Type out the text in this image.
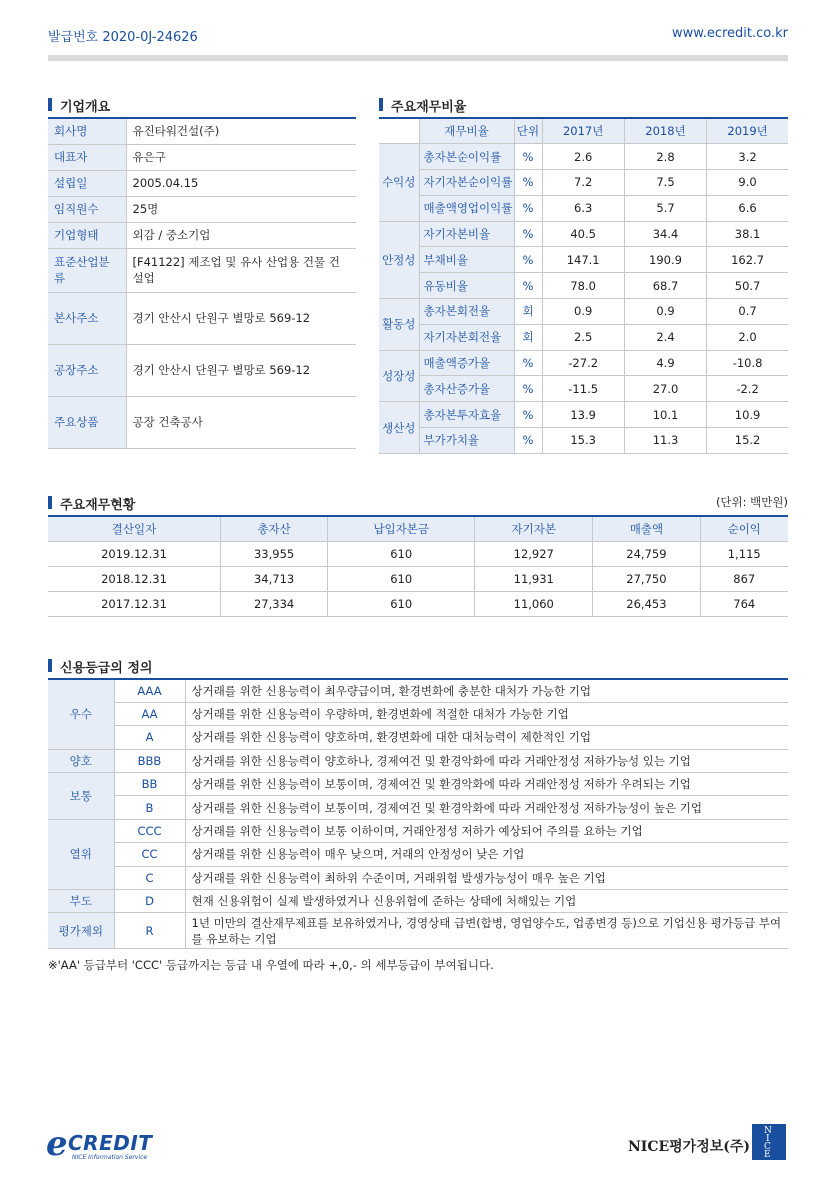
발급번호 2020-0J-24626	www.ecredit.co.kr
기업개요
회사명	유진타워건설(주)
대표자	유은구
설립일	2005.04.15
임직원수	25명
기업형태	외감 / 중소기업
표준산업분류	[F41122] 제조업 및 유사 산업용 건물 건설업
본사주소	경기 안산시 단원구 별망로 569-12
공장주소	경기 안산시 단원구 별망로 569-12
주요상품	공장 건축공사
주요재무비율
	재무비율	단위	2017년	2018년	2019년
수익성	총자본순이익률	%	2.6	2.8	3.2
	자기자본순이익률	%	7.2	7.5	9.0
	매출액영업이익률	%	6.3	5.7	6.6
안정성	자기자본비율	%	40.5	34.4	38.1
	부채비율	%	147.1	190.9	162.7
	유동비율	%	78.0	68.7	50.7
활동성	총자본회전율	회	0.9	0.9	0.7
	자기자본회전율	회	2.5	2.4	2.0
성장성	매출액증가율	%	-27.2	4.9	-10.8
	총자산증가율	%	-11.5	27.0	-2.2
생산성	총자본투자효율	%	13.9	10.1	10.9
	부가가치율	%	15.3	11.3	15.2
주요재무현황	(단위: 백만원)
결산일자	총자산	납입자본금	자기자본	매출액	순이익
2019.12.31	33,955	610	12,927	24,759	1,115
2018.12.31	34,713	610	11,931	27,750	867
2017.12.31	27,334	610	11,060	26,453	764
신용등급의 정의
우수	AAA	상거래를 위한 신용능력이 최우량급이며, 환경변화에 충분한 대처가 가능한 기업
	AA	상거래를 위한 신용능력이 우량하며, 환경변화에 적절한 대처가 가능한 기업
	A	상거래를 위한 신용능력이 양호하며, 환경변화에 대한 대처능력이 제한적인 기업
양호	BBB	상거래를 위한 신용능력이 양호하나, 경제여건 및 환경악화에 따라 거래안정성 저하가능성 있는 기업
보통	BB	상거래를 위한 신용능력이 보통이며, 경제여건 및 환경악화에 따라 거래안정성 저하가 우려되는 기업
	B	상거래를 위한 신용능력이 보통이며, 경제여건 및 환경악화에 따라 거래안정성 저하가능성이 높은 기업
열위	CCC	상거래를 위한 신용능력이 보통 이하이며, 거래안정성 저하가 예상되어 주의를 요하는 기업
	CC	상거래를 위한 신용능력이 매우 낮으며, 거래의 안정성이 낮은 기업
	C	상거래를 위한 신용능력이 최하위 수준이며, 거래위험 발생가능성이 매우 높은 기업
부도	D	현재 신용위험이 실제 발생하였거나 신용위험에 준하는 상태에 처해있는 기업
평가제외	R	1년 미만의 결산재무제표를 보유하였거나, 경영상태 급변(합병, 영업양수도, 업종변경 등)으로 기업신용 평가등급 부여를 유보하는 기업
※'AA' 등급부터 'CCC' 등급까지는 등급 내 우열에 따라 +,0,- 의 세부등급이 부여됩니다.
e CREDIT
NICE Information Service
NICE평가정보(주)
N
I
C
E
